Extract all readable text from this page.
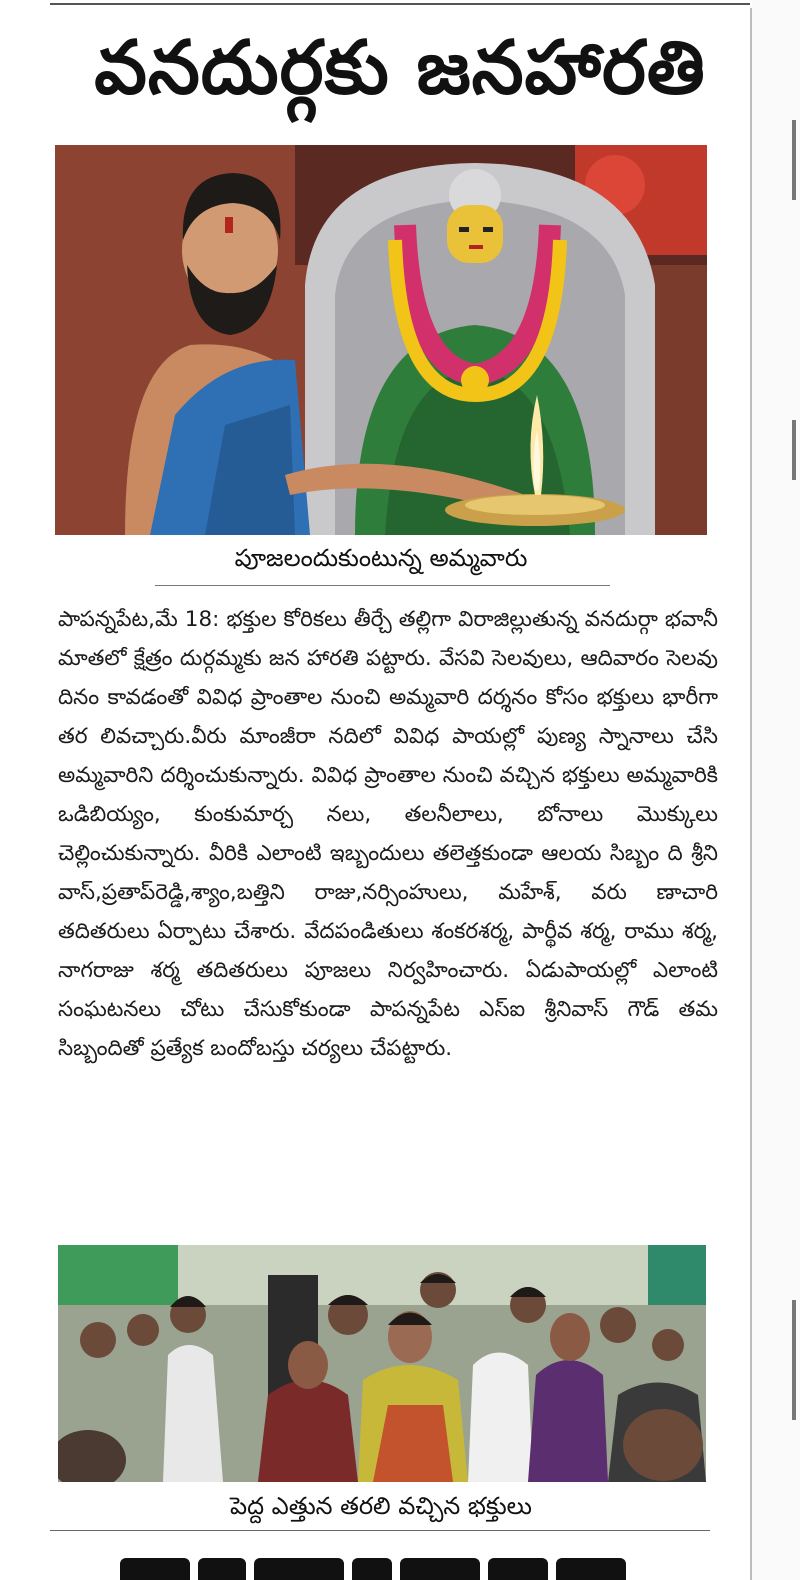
వనదుర్గకు జనహారతి
పూజలందుకుంటున్న అమ్మవారు

పాపన్నపేట,మే 18: భక్తుల కోరికలు తీర్చే తల్లిగా విరాజిల్లుతున్న వనదుర్గా భవానీ మాతలో క్షేత్రం దుర్గమ్మకు జన హారతి పట్టారు. వేసవి సెలవులు, ఆదివారం సెలవు దినం కావడంతో వివిధ ప్రాంతాల నుంచి అమ్మవారి దర్శనం కోసం భక్తులు భారీగా తర లివచ్చారు.వీరు మాంజీరా నదిలో వివిధ పాయల్లో పుణ్య స్నానాలు చేసి అమ్మవారిని దర్శించుకున్నారు. వివిధ ప్రాంతాల నుంచి వచ్చిన భక్తులు అమ్మవారికి ఒడిబియ్యం, కుంకుమార్చ నలు, తలనీలాలు, బోనాలు మొక్కులు చెల్లించుకున్నారు. వీరికి ఎలాంటి ఇబ్బందులు తలెత్తకుండా ఆలయ సిబ్బం ది శ్రీని వాస్,ప్రతాప్‌రెడ్డి,శ్యాం,బత్తిని రాజు,నర్సింహులు, మహేశ్, వరు ణాచారి తదితరులు ఏర్పాటు చేశారు. వేదపండితులు శంకరశర్మ, పార్థీవ శర్మ, రాము శర్మ, నాగరాజు శర్మ తదితరులు పూజలు నిర్వహించారు. ఏడుపాయల్లో ఎలాంటి సంఘటనలు చోటు చేసుకోకుండా పాపన్నపేట ఎస్‌ఐ శ్రీనివాస్ గౌడ్ తమ సిబ్బందితో ప్రత్యేక బందోబస్తు చర్యలు చేపట్టారు.

పెద్ద ఎత్తున తరలి వచ్చిన భక్తులు
